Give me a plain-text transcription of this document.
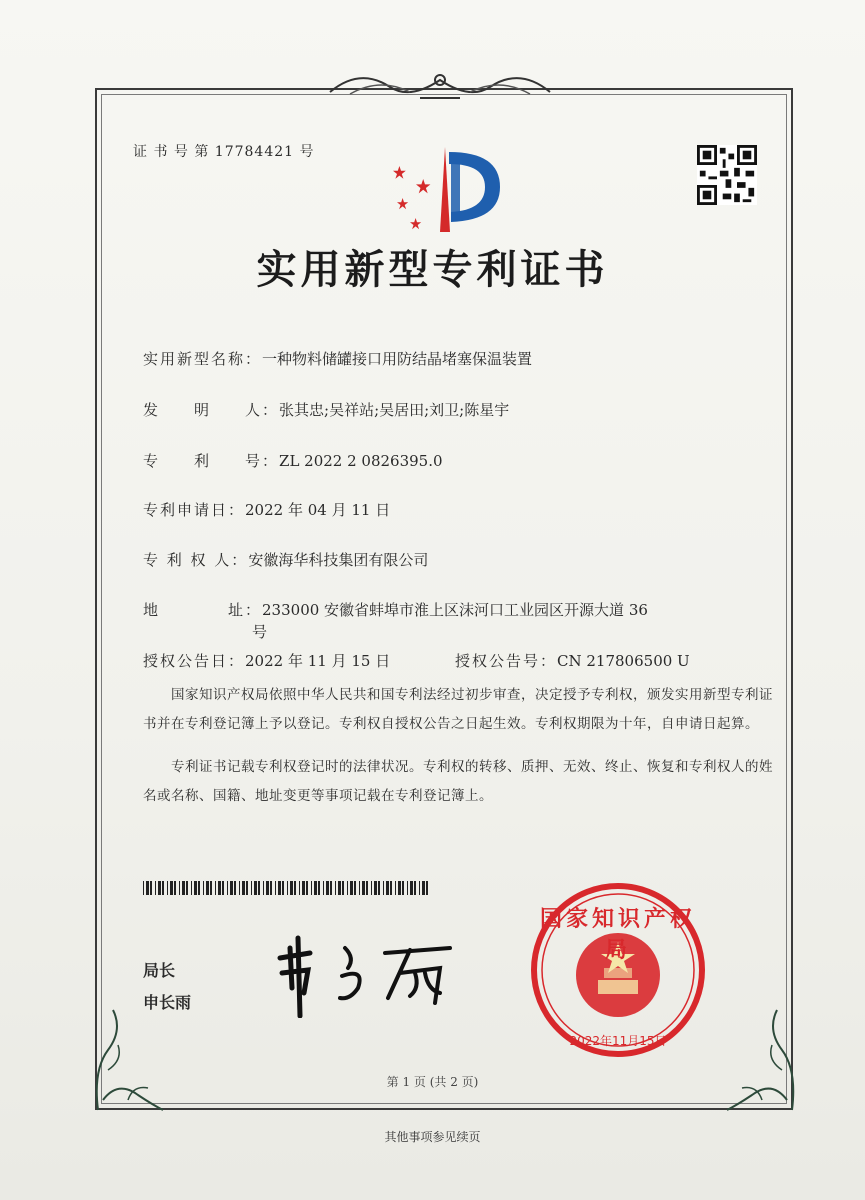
证 书 号 第 17784421 号
实用新型专利证书
实用新型名称：一种物料储罐接口用防结晶堵塞保温装置
发　　明　　人：张其忠;吴祥站;吴居田;刘卫;陈星宇
专　　利　　号：ZL 2022 2 0826395.0
专利申请日：2022 年 04 月 11 日
专 利 权 人：安徽海华科技集团有限公司
地　　　　址：233000 安徽省蚌埠市淮上区沫河口工业园区开源大道 36
号
授权公告日：2022 年 11 月 15 日	授权公告号：CN 217806500 U
国家知识产权局依照中华人民共和国专利法经过初步审查，决定授予专利权，颁发实用新型专利证书并在专利登记簿上予以登记。专利权自授权公告之日起生效。专利权期限为十年，自申请日起算。
专利证书记载专利权登记时的法律状况。专利权的转移、质押、无效、终止、恢复和专利权人的姓名或名称、国籍、地址变更等事项记载在专利登记簿上。
局长
申长雨
2022年11月15日
国家知识产权局
第 1 页 (共 2 页)
其他事项参见续页
